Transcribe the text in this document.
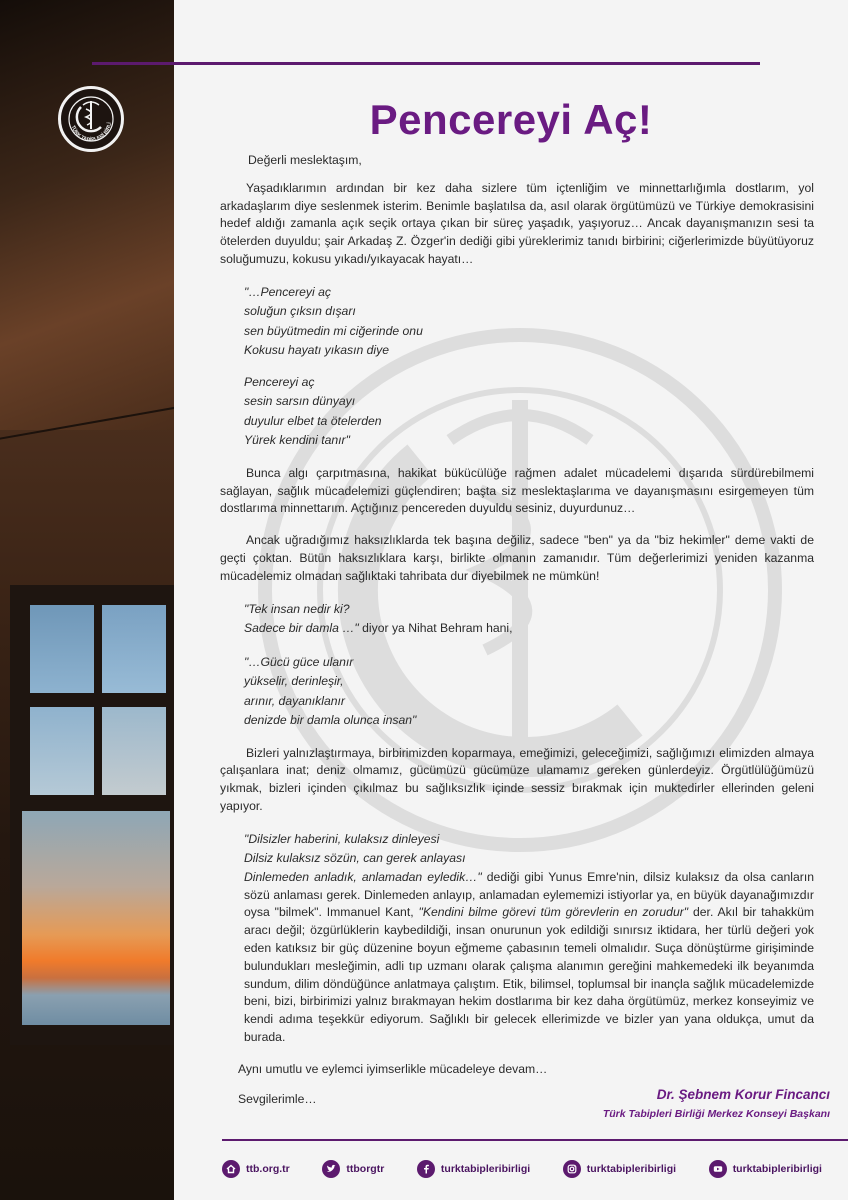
TÜRK TABİPLERİ BİRLİ	Pencereyi Aç!

Değerli meslektaşım,

Yaşadıklarımın ardından bir kez daha sizlere tüm içtenliğim ve minnettarlığımla dostlarım, yol arkadaşlarım diye seslenmek isterim. Benimle başlatılsa da, asıl olarak örgütümüzü ve Türkiye demokrasisini hedef aldığı zamanla açık seçik ortaya çıkan bir süreç yaşadık, yaşıyoruz… Ancak dayanışmanızın sesi ta ötelerden duyuldu; şair Arkadaş Z. Özger'in dediği gibi yüreklerimiz tanıdı birbirini; ciğerlerimizde büyütüyoruz soluğumuzu, kokusu yıkadı/yıkayacak hayatı…

"…Pencereyi aç
soluğun çıksın dışarı
sen büyütmedin mi ciğerinde onu
Kokusu hayatı yıkasın diye
Pencereyi aç
sesin sarsın dünyayı
duyulur elbet ta ötelerden
Yürek kendini tanır"

Bunca algı çarpıtmasına, hakikat bükücülüğe rağmen adalet mücadelemi dışarıda sürdürebilmemi sağlayan, sağlık mücadelemizi güçlendiren; başta siz meslektaşlarıma ve dayanışmasını esirgemeyen tüm dostlarıma minnettarım. Açtığınız pencereden duyuldu sesiniz, duyurdunuz…

Ancak uğradığımız haksızlıklarda tek başına değiliz, sadece "ben" ya da "biz hekimler" deme vakti de geçti çoktan. Bütün haksızlıklara karşı, birlikte olmanın zamanıdır. Tüm değerlerimizi yeniden kazanma mücadelemiz olmadan sağlıktaki tahribata dur diyebilmek ne mümkün!

"Tek insan nedir ki?
Sadece bir damla …" diyor ya Nihat Behram hani,
"…Gücü güce ulanır
yükselir, derinleşir,
arınır, dayanıklanır
denizde bir damla olunca insan"

Bizleri yalnızlaştırmaya, birbirimizden koparmaya, emeğimizi, geleceğimizi, sağlığımızı elimizden almaya çalışanlara inat; deniz olmamız, gücümüzü gücümüze ulamamız gereken günlerdeyiz. Örgütlülüğümüzü yıkmak, bizleri içinden çıkılmaz bu sağlıksızlık içinde sessiz bırakmak için muktedirler ellerinden geleni yapıyor.

"Dilsizler haberini, kulaksız dinleyesi
Dilsiz kulaksız sözün, can gerek anlayası

Dinlemeden anladık, anlamadan eyledik…" dediği gibi Yunus Emre'nin, dilsiz kulaksız da olsa canların sözü anlaması gerek. Dinlemeden anlayıp, anlamadan eylememizi istiyorlar ya, en büyük dayanağımızdır oysa "bilmek". Immanuel Kant, "Kendini bilme görevi tüm görevlerin en zorudur" der. Akıl bir tahakküm aracı değil; özgürlüklerin kaybedildiği, insan onurunun yok edildiği sınırsız iktidara, her türlü değeri yok eden katıksız bir güç düzenine boyun eğmeme çabasının temeli olmalıdır. Suça dönüştürme girişiminde bulundukları mesleğimin, adli tıp uzmanı olarak çalışma alanımın gereğini mahkemedeki ilk beyanımda sundum, dilim döndüğünce anlatmaya çalıştım. Etik, bilimsel, toplumsal bir inançla sağlık mücadelemizde beni, bizi, birbirimizi yalnız bırakmayan hekim dostlarıma bir kez daha örgütümüz, merkez konseyimiz ve kendi adıma teşekkür ediyorum. Sağlıklı bir gelecek ellerimizde ve bizler yan yana oldukça, umut da burada.

Aynı umutlu ve eylemci iyimserlikle mücadeleye devam…

Sevgilerimle…	Dr. Şebnem Korur Fincancı
Türk Tabipleri Birliği Merkez Konseyi Başkanı
ttb.org.tr	ttborgtr	turktabipleribirligi	turktabipleribirligi	turktabipleribirligi
